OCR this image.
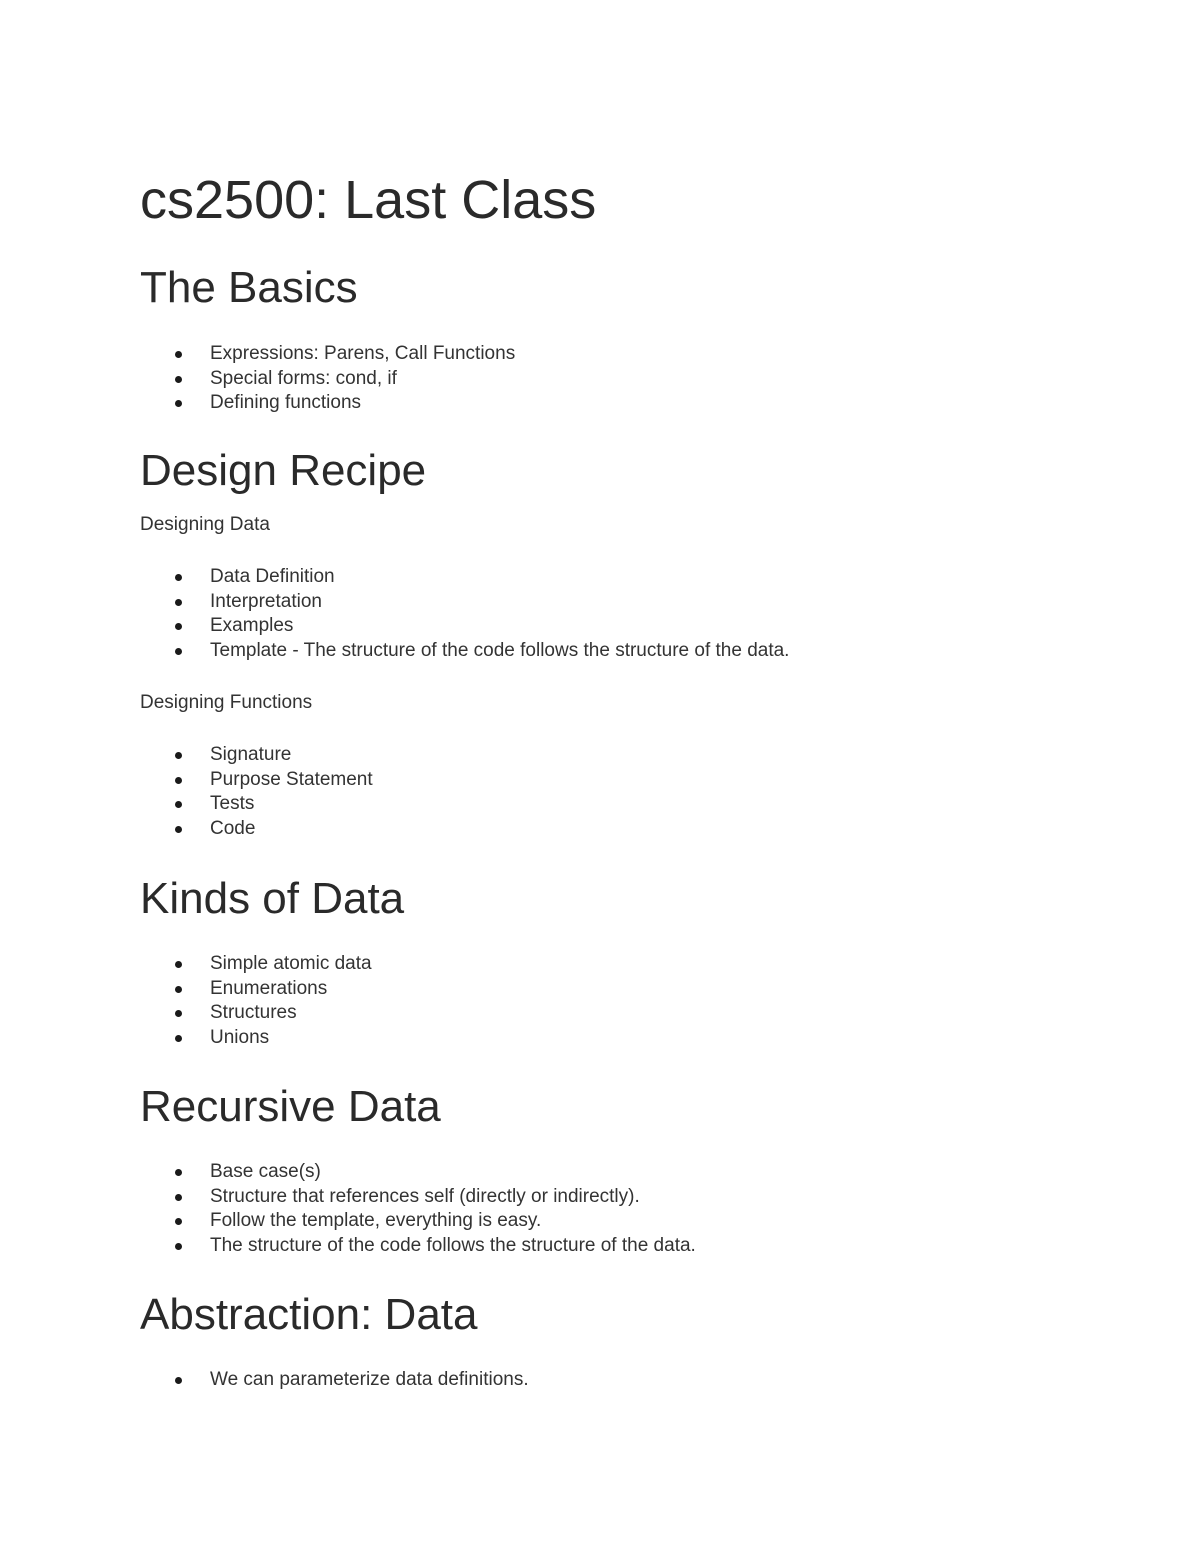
cs2500: Last Class
The Basics
Expressions: Parens, Call Functions
Special forms: cond, if
Defining functions
Design Recipe

Designing Data

Data Definition
Interpretation
Examples
Template - The structure of the code follows the structure of the data.

Designing Functions

Signature
Purpose Statement
Tests
Code
Kinds of Data
Simple atomic data
Enumerations
Structures
Unions
Recursive Data
Base case(s)
Structure that references self (directly or indirectly).
Follow the template, everything is easy.
The structure of the code follows the structure of the data.
Abstraction: Data
We can parameterize data definitions.
